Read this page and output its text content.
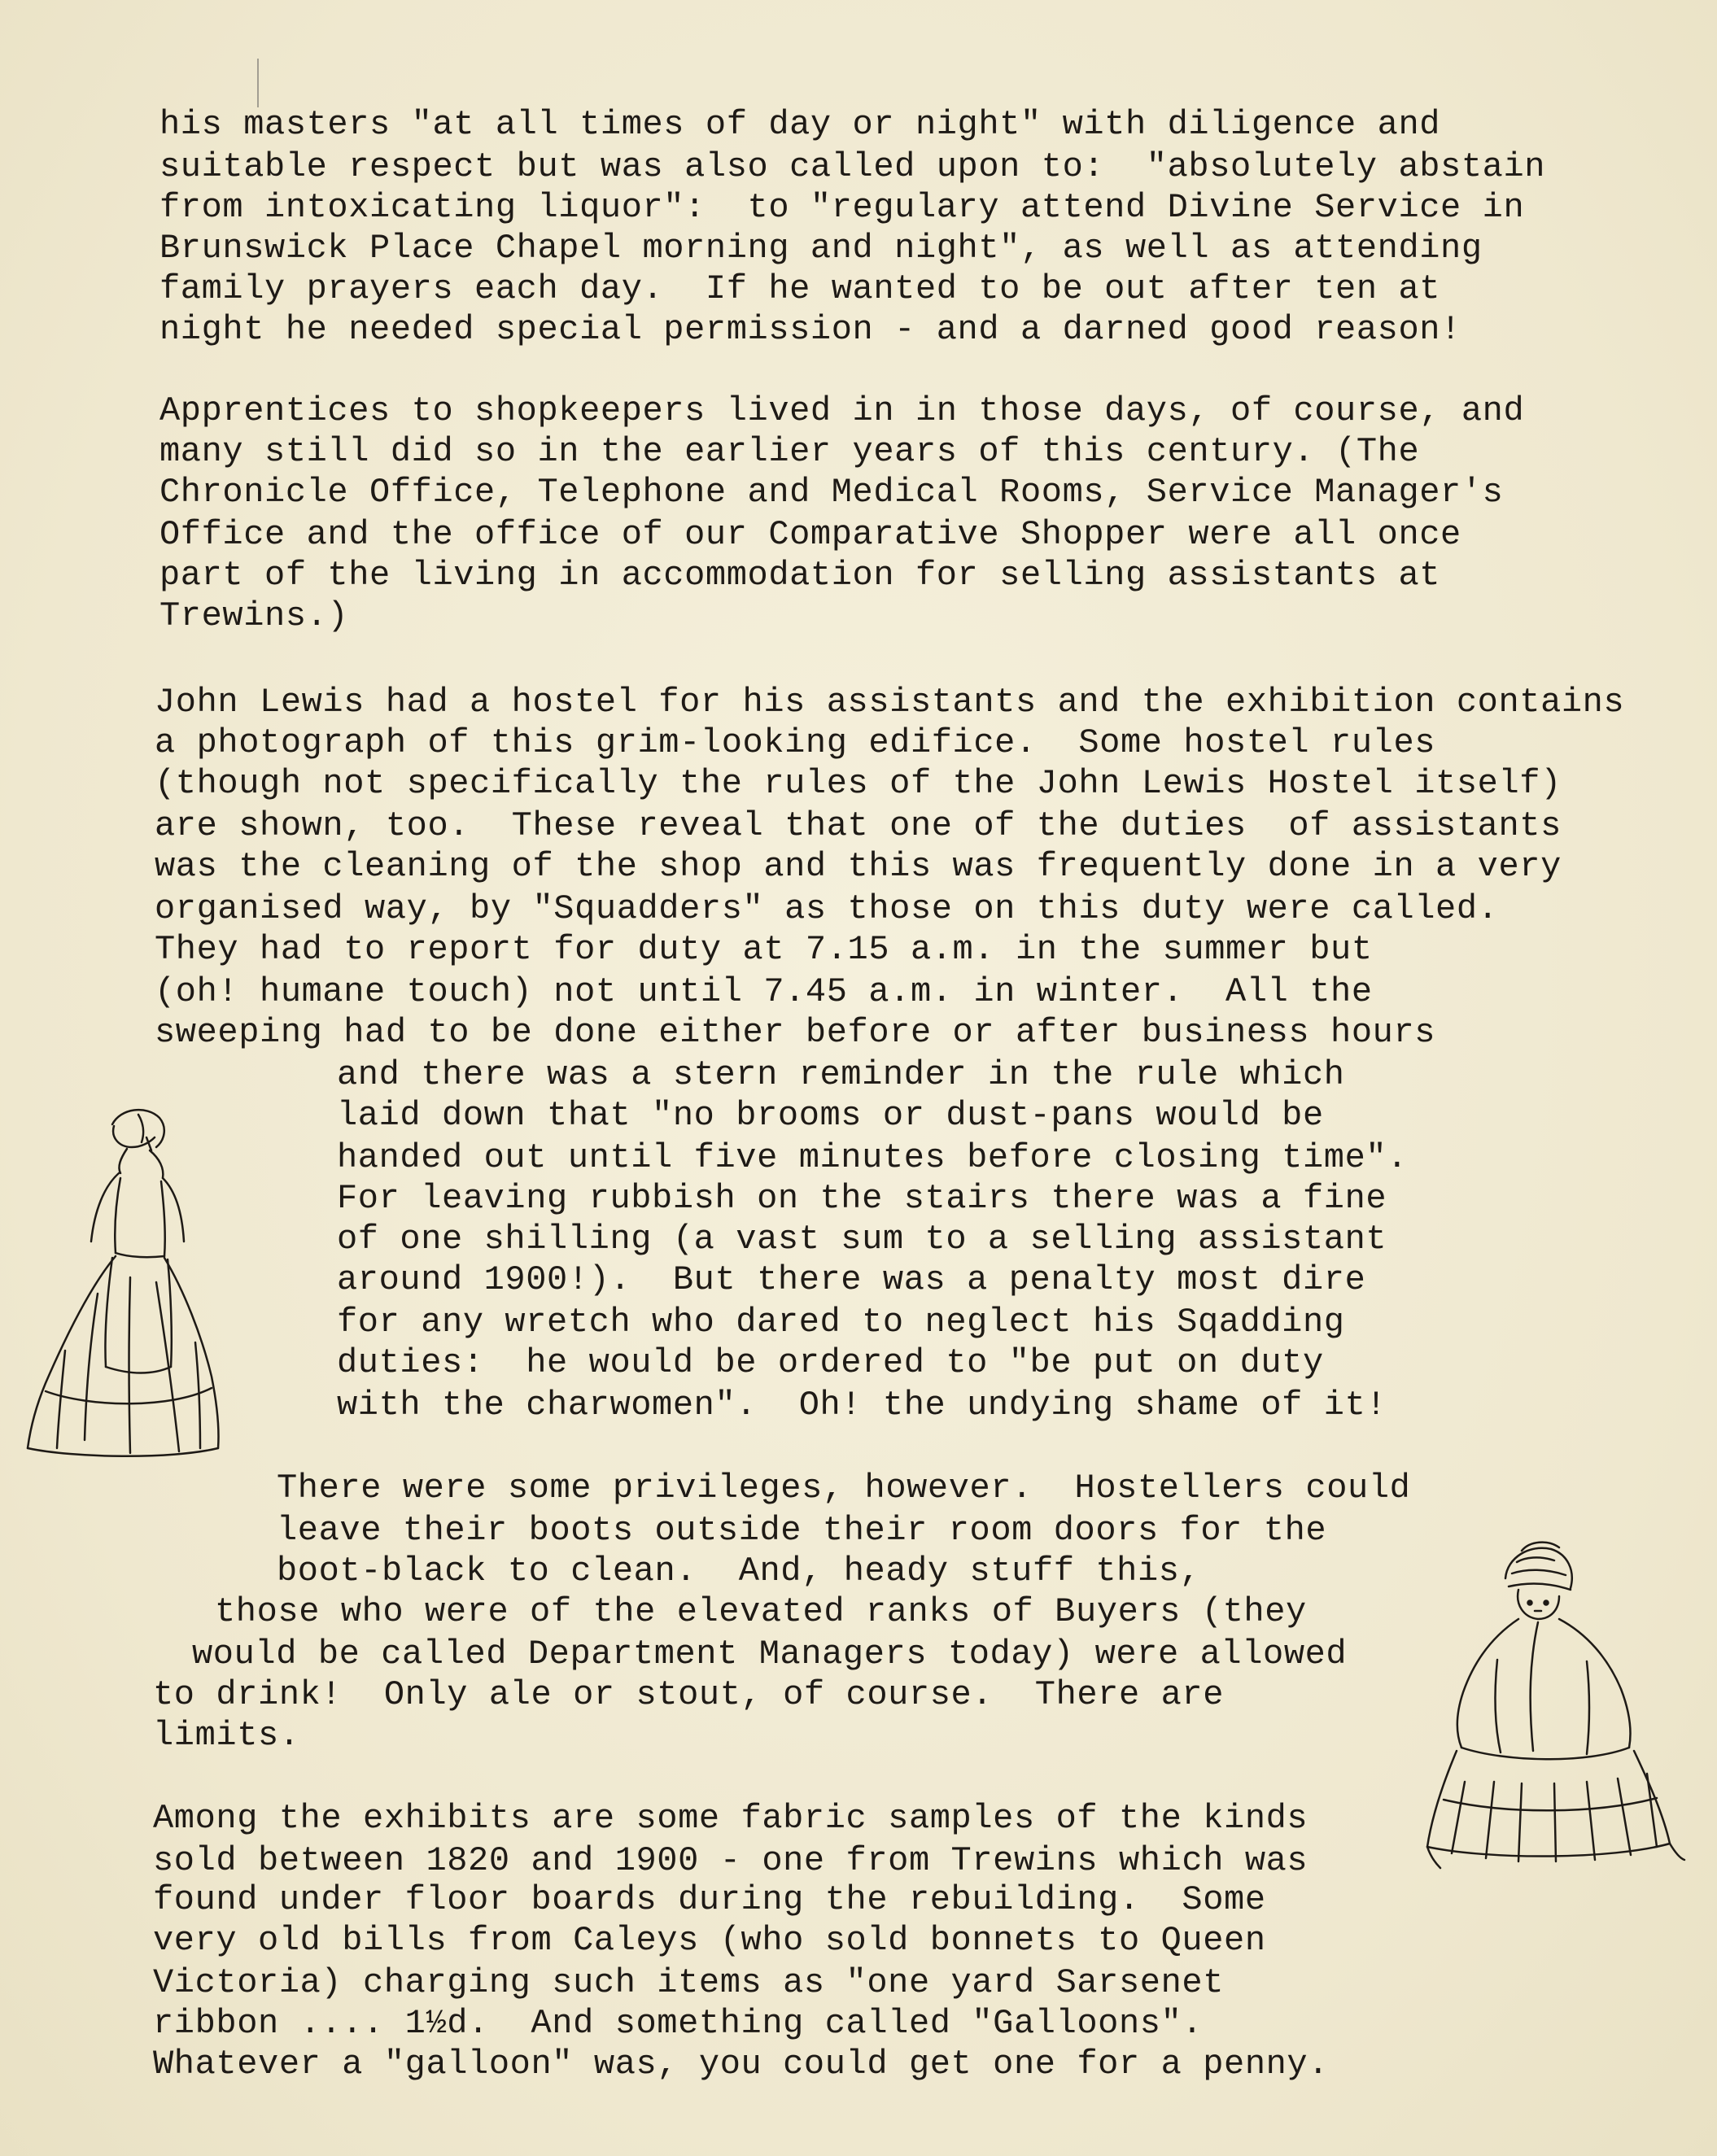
his masters "at all times of day or night" with diligence and
suitable respect but was also called upon to:  "absolutely abstain
from intoxicating liquor":  to "regulary attend Divine Service in
Brunswick Place Chapel morning and night", as well as attending
family prayers each day.  If he wanted to be out after ten at
night he needed special permission - and a darned good reason!
Apprentices to shopkeepers lived in in those days, of course, and
many still did so in the earlier years of this century. (The
Chronicle Office, Telephone and Medical Rooms, Service Manager's
Office and the office of our Comparative Shopper were all once
part of the living in accommodation for selling assistants at
Trewins.)
John Lewis had a hostel for his assistants and the exhibition contains
a photograph of this grim-looking edifice.  Some hostel rules
(though not specifically the rules of the John Lewis Hostel itself)
are shown, too.  These reveal that one of the duties  of assistants
was the cleaning of the shop and this was frequently done in a very
organised way, by "Squadders" as those on this duty were called.
They had to report for duty at 7.15 a.m. in the summer but
(oh! humane touch) not until 7.45 a.m. in winter.  All the
sweeping had to be done either before or after business hours
and there was a stern reminder in the rule which
laid down that "no brooms or dust-pans would be
handed out until five minutes before closing time".
For leaving rubbish on the stairs there was a fine
of one shilling (a vast sum to a selling assistant
around 1900!).  But there was a penalty most dire
for any wretch who dared to neglect his Sqadding
duties:  he would be ordered to "be put on duty
with the charwomen".  Oh! the undying shame of it!
There were some privileges, however.  Hostellers could
leave their boots outside their room doors for the
boot-black to clean.  And, heady stuff this,
those who were of the elevated ranks of Buyers (they
would be called Department Managers today) were allowed
to drink!  Only ale or stout, of course.  There are
limits.
Among the exhibits are some fabric samples of the kinds
sold between 1820 and 1900 - one from Trewins which was
found under floor boards during the rebuilding.  Some
very old bills from Caleys (who sold bonnets to Queen
Victoria) charging such items as "one yard Sarsenet
ribbon .... 1½d.  And something called "Galloons".
Whatever a "galloon" was, you could get one for a penny.
